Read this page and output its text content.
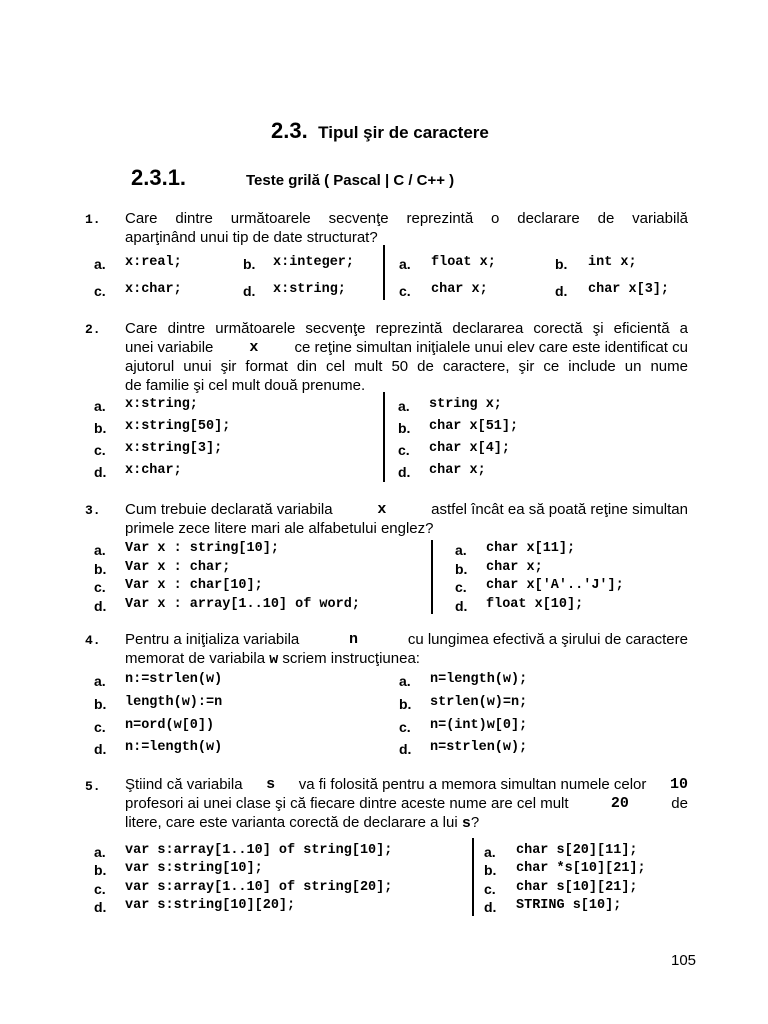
2.3. Tipul şir de caractere
2.3.1.	Teste grilă ( Pascal | C / C++ )
1. Care dintre următoarele secvenţe reprezintă o declarare de variabilă
aparţinând unui tip de date structurat?
a. x:real;	b. x:integer;	a. float x;	b. int x;
c. x:char;	d. x:string;	c. char x;	d. char x[3];
2. Care dintre următoarele secvenţe reprezintă declararea corectă şi eficientă a
unei variabile x ce reţine simultan iniţialele unui elev care este identificat cu
ajutorul unui şir format din cel mult 50 de caractere, şir ce include un nume
de familie şi cel mult două prenume.
a. x:string;
b. x:string[50];
c. x:string[3];
d. x:char;
a. string x;
b. char x[51];
c. char x[4];
d. char x;
3. Cum trebuie declarată variabila	x	astfel încât ea să poată reţine simultan
primele zece litere mari ale alfabetului englez?
a. Var x : string[10];
b. Var x : char;
c. Var x : char[10];
d. Var x : array[1..10] of word;
a. char x[11];
b. char x;
c. char x['A'..'J'];
d. float x[10];
4. Pentru a iniţializa variabila	n	cu lungimea efectivă a şirului de caractere
memorat de variabila w scriem instrucţiunea:
a. n:=strlen(w)
b. length(w):=n
c. n=ord(w[0])
d. n:=length(w)
a. n=length(w);
b. strlen(w)=n;
c. n=(int)w[0];
d. n=strlen(w);
5. Ştiind că variabila s va fi folosită pentru a memora simultan numele celor 10
profesori ai unei clase şi că fiecare dintre aceste nume are cel mult	20	de
litere, care este varianta corectă de declarare a lui s?
a. var s:array[1..10] of string[10];
b. var s:string[10];
c. var s:array[1..10] of string[20];
d. var s:string[10][20];
a. char s[20][11];
b. char *s[10][21];
c. char s[10][21];
d. STRING s[10];
105
